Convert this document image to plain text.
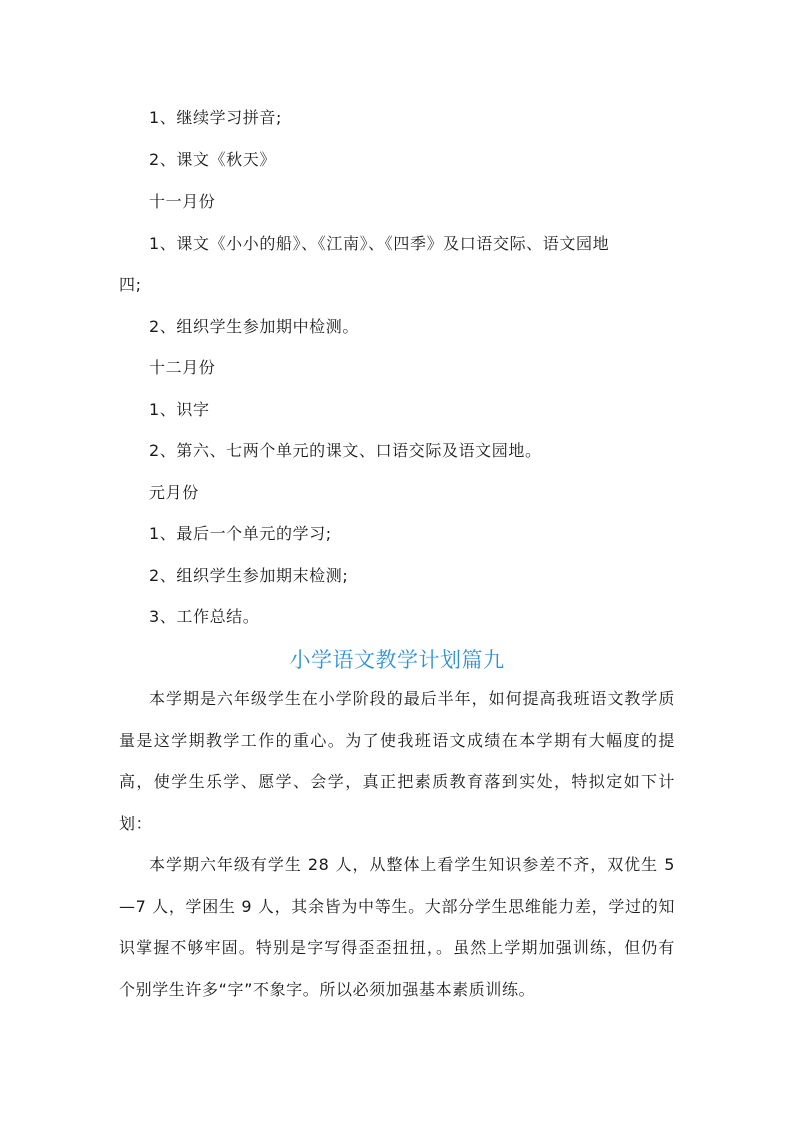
1、继续学习拼音;
2、课文《秋天》
十一月份
1、课文《小小的船》、《江南》、《四季》及口语交际、语文园地
四;
2、组织学生参加期中检测。
十二月份
1、识字
2、第六、七两个单元的课文、口语交际及语文园地。
元月份
1、最后一个单元的学习;
2、组织学生参加期末检测;
3、工作总结。
小学语文教学计划篇九
本学期是六年级学生在小学阶段的最后半年，如何提高我班语文教学质量是这学期教学工作的重心。为了使我班语文成绩在本学期有大幅度的提高，使学生乐学、愿学、会学，真正把素质教育落到实处，特拟定如下计划：
本学期六年级有学生 28 人，从整体上看学生知识参差不齐，双优生 5—7 人，学困生 9 人，其余皆为中等生。大部分学生思维能力差，学过的知识掌握不够牢固。特别是字写得歪歪扭扭，。虽然上学期加强训练，但仍有个别学生许多“字”不象字。所以必须加强基本素质训练。
